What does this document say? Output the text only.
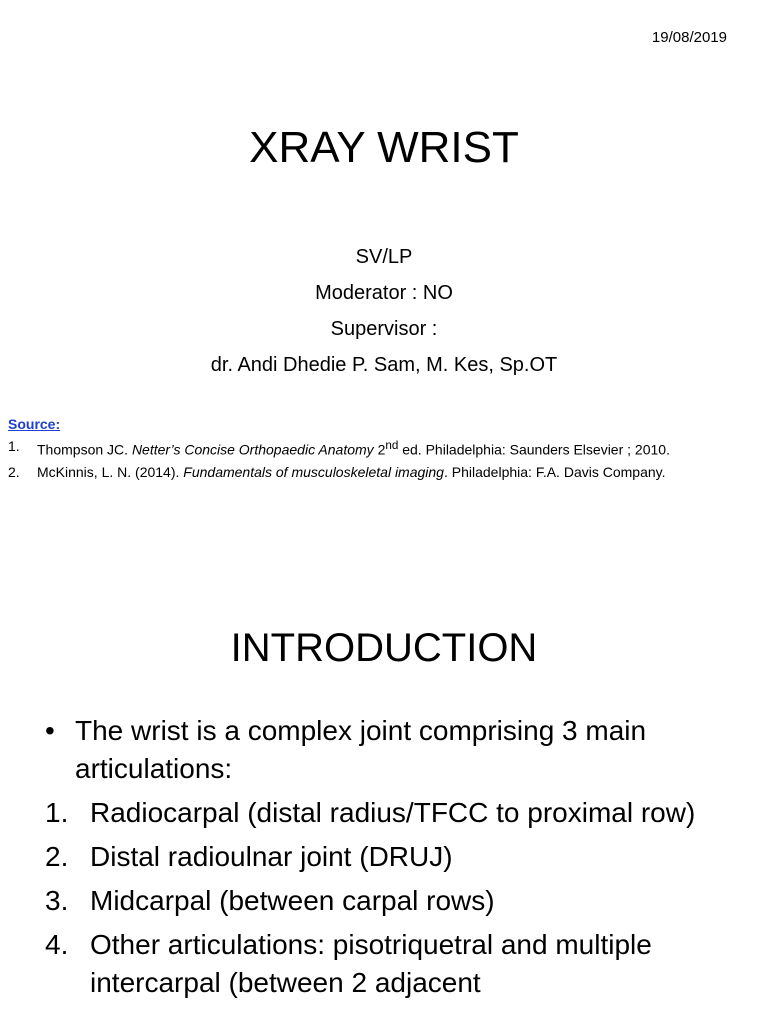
19/08/2019
XRAY WRIST
SV/LP
Moderator : NO
Supervisor :
dr. Andi Dhedie P. Sam, M. Kes, Sp.OT
Source:
1.	Thompson JC. Netter’s Concise Orthopaedic Anatomy 2nd ed. Philadelphia: Saunders Elsevier ; 2010.
2.	McKinnis, L. N. (2014). Fundamentals of musculoskeletal imaging. Philadelphia: F.A. Davis Company.
INTRODUCTION
• The wrist is a complex joint comprising 3 main articulations:
1. Radiocarpal (distal radius/TFCC to proximal row)
2. Distal radioulnar joint (DRUJ)
3. Midcarpal (between carpal rows)
4. Other articulations: pisotriquetral and multiple intercarpal (between 2 adjacent
